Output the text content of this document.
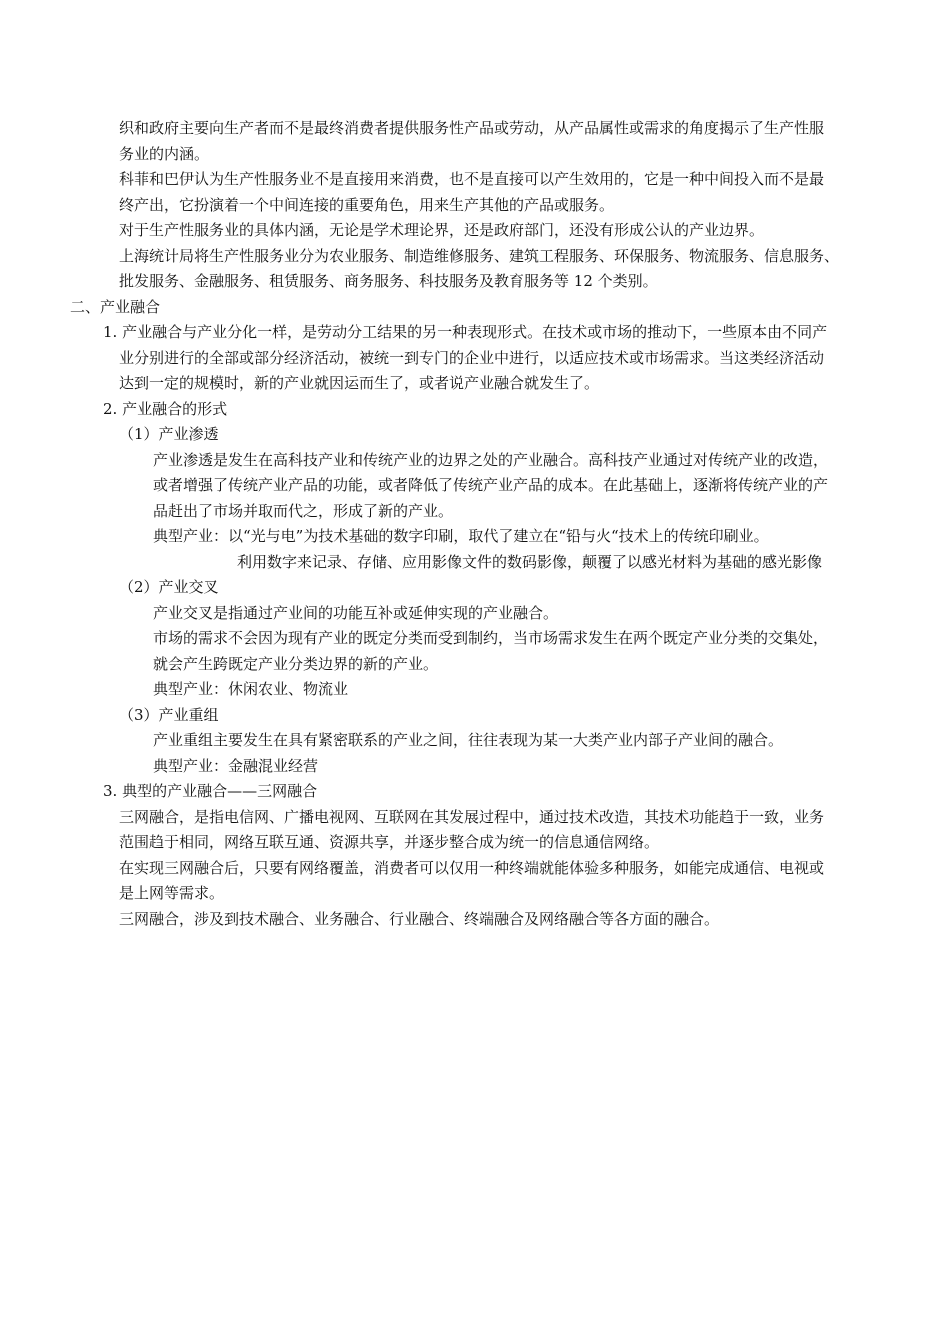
织和政府主要向生产者而不是最终消费者提供服务性产品或劳动，从产品属性或需求的角度揭示了生产性服
务业的内涵。
科菲和巴伊认为生产性服务业不是直接用来消费，也不是直接可以产生效用的，它是一种中间投入而不是最
终产出，它扮演着一个中间连接的重要角色，用来生产其他的产品或服务。
对于生产性服务业的具体内涵，无论是学术理论界，还是政府部门，还没有形成公认的产业边界。
上海统计局将生产性服务业分为农业服务、制造维修服务、建筑工程服务、环保服务、物流服务、信息服务、
批发服务、金融服务、租赁服务、商务服务、科技服务及教育服务等 12 个类别。
二、产业融合
1. 产业融合与产业分化一样，是劳动分工结果的另一种表现形式。在技术或市场的推动下，一些原本由不同产
业分别进行的全部或部分经济活动，被统一到专门的企业中进行，以适应技术或市场需求。当这类经济活动
达到一定的规模时，新的产业就因运而生了，或者说产业融合就发生了。
2. 产业融合的形式
（1）产业渗透
产业渗透是发生在高科技产业和传统产业的边界之处的产业融合。高科技产业通过对传统产业的改造，
或者增强了传统产业产品的功能，或者降低了传统产业产品的成本。在此基础上，逐渐将传统产业的产
品赶出了市场并取而代之，形成了新的产业。
典型产业：以“光与电”为技术基础的数字印刷，取代了建立在“铅与火“技术上的传统印刷业。
利用数字来记录、存储、应用影像文件的数码影像，颠覆了以感光材料为基础的感光影像
（2）产业交叉
产业交叉是指通过产业间的功能互补或延伸实现的产业融合。
市场的需求不会因为现有产业的既定分类而受到制约，当市场需求发生在两个既定产业分类的交集处，
就会产生跨既定产业分类边界的新的产业。
典型产业：休闲农业、物流业
（3）产业重组
产业重组主要发生在具有紧密联系的产业之间，往往表现为某一大类产业内部子产业间的融合。
典型产业：金融混业经营
3. 典型的产业融合——三网融合
三网融合，是指电信网、广播电视网、互联网在其发展过程中，通过技术改造，其技术功能趋于一致，业务
范围趋于相同，网络互联互通、资源共享，并逐步整合成为统一的信息通信网络。
在实现三网融合后，只要有网络覆盖，消费者可以仅用一种终端就能体验多种服务，如能完成通信、电视或
是上网等需求。
三网融合，涉及到技术融合、业务融合、行业融合、终端融合及网络融合等各方面的融合。
